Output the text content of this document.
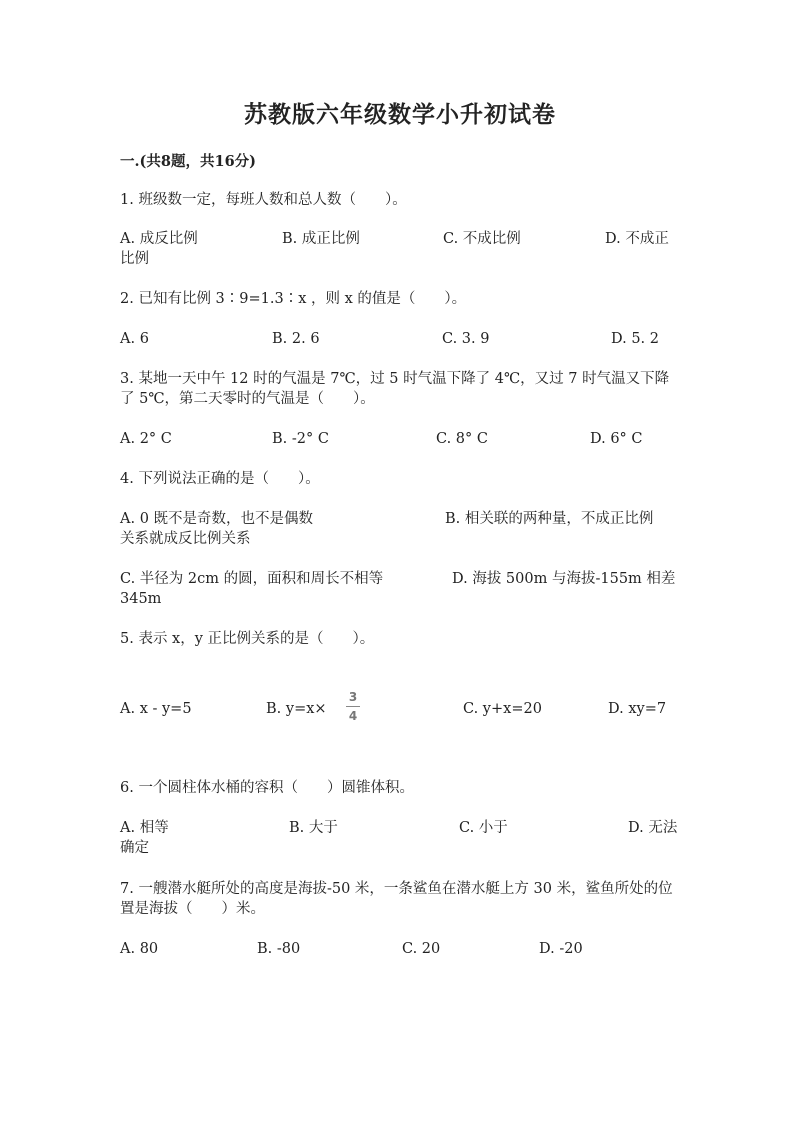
苏教版六年级数学小升初试卷
一.(共8题，共16分)
1. 班级数一定，每班人数和总人数（　　）。
A. 成反比例	B. 成正比例	C. 不成比例	D. 不成正
比例
2. 已知有比例 3∶9=1.3∶x ，则 x 的值是（　　）。
A. 6	B. 2. 6	C. 3. 9	D. 5. 2
3. 某地一天中午 12 时的气温是 7℃，过 5 时气温下降了 4℃，又过 7 时气温又下降了 5℃，第二天零时的气温是（　　）。
A. 2° C	B. -2° C	C. 8° C	D. 6° C
4. 下列说法正确的是（　　）。
A. 0 既不是奇数，也不是偶数	B. 相关联的两种量，不成正比例
关系就成反比例关系
C. 半径为 2cm 的圆，面积和周长不相等	D. 海拔 500m 与海拔-155m 相差
345m
5. 表示 x，y 正比例关系的是（　　）。
A. x - y=5	B. y=x×
3
4	C. y+x=20	D. xy=7
6. 一个圆柱体水桶的容积（　　）圆锥体积。
A. 相等	B. 大于	C. 小于	D. 无法
确定
7. 一艘潜水艇所处的高度是海拔-50 米，一条鲨鱼在潜水艇上方 30 米，鲨鱼所处的位置是海拔（　　）米。
A. 80	B. -80	C. 20	D. -20
